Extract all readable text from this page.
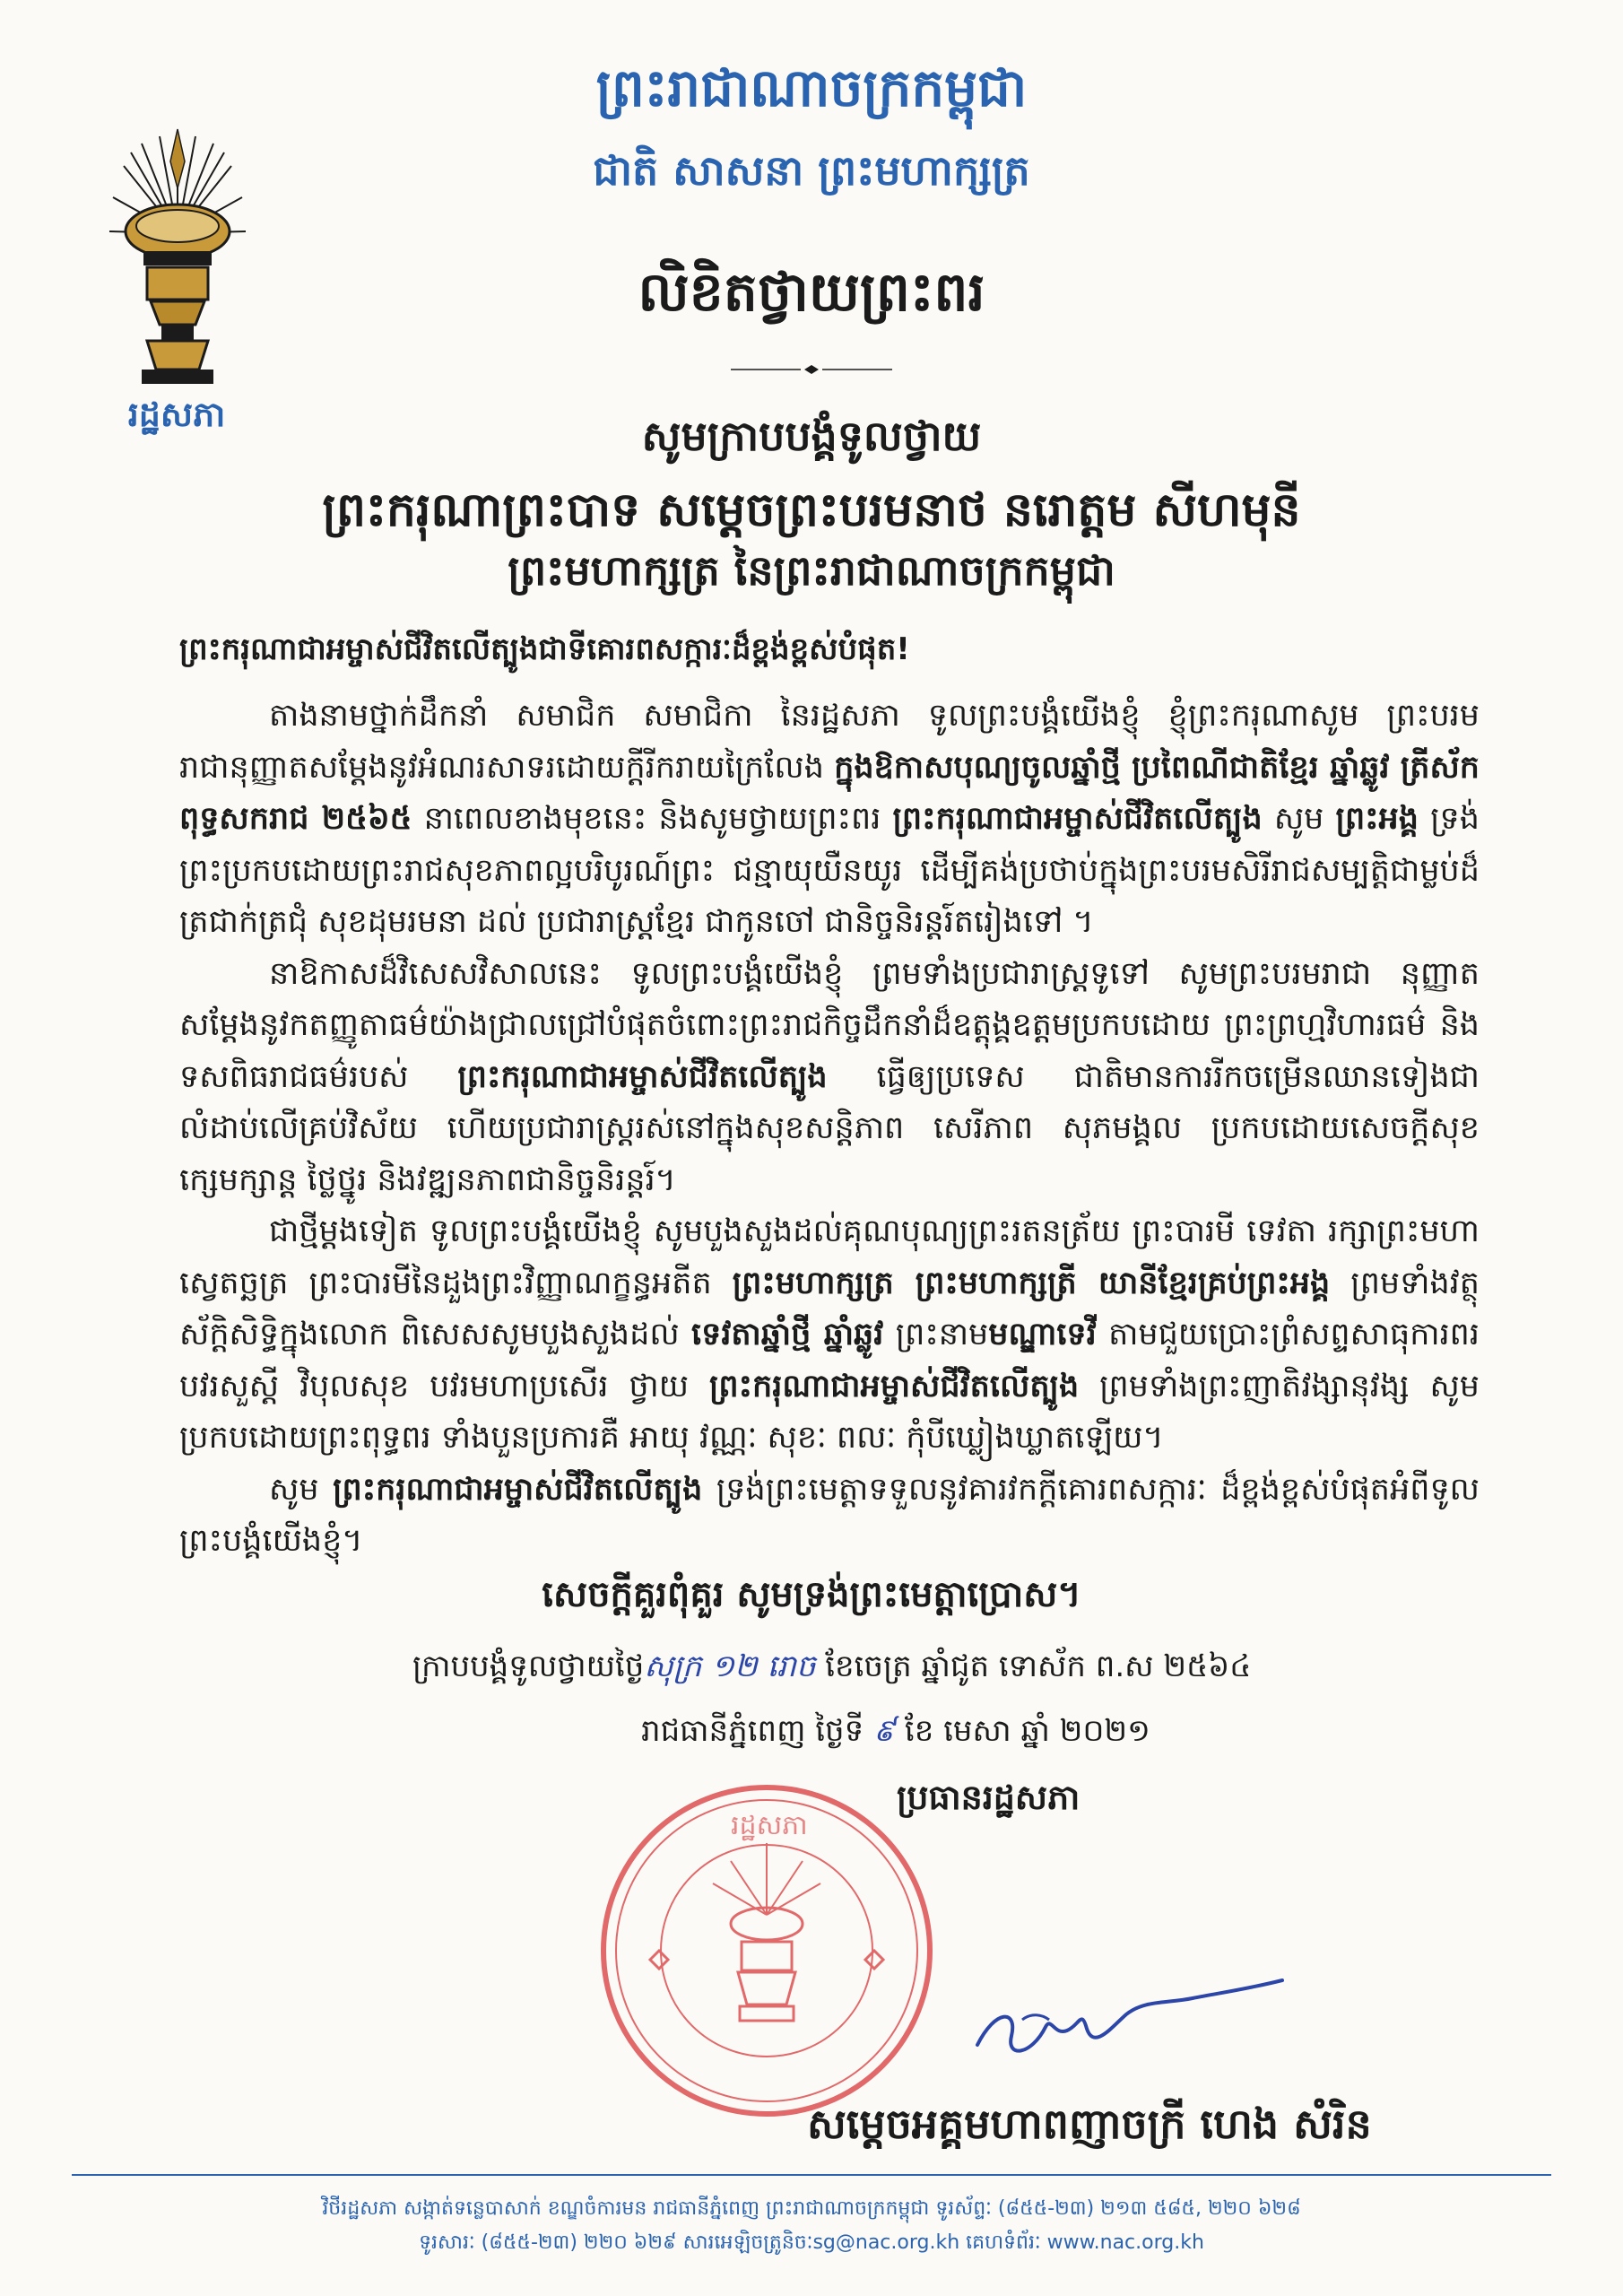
រដ្ឋសភា
ព្រះរាជាណាចក្រកម្ពុជា
ជាតិ សាសនា ព្រះមហាក្សត្រ
លិខិតថ្វាយព្រះពរ
សូមក្រាបបង្គំទូលថ្វាយ
ព្រះករុណាព្រះបាទ សម្តេចព្រះបរមនាថ នរោត្តម សីហមុនី
ព្រះមហាក្សត្រ នៃព្រះរាជាណាចក្រកម្ពុជា
ព្រះករុណាជាអម្ចាស់ជីវិតលើត្បូងជាទីគោរពសក្ការៈដ៏ខ្ពង់ខ្ពស់បំផុត!

តាងនាមថ្នាក់ដឹកនាំ សមាជិក សមាជិកា នៃរដ្ឋសភា ទូលព្រះបង្គំយើងខ្ញុំ ខ្ញុំព្រះករុណាសូម ព្រះបរមរាជានុញ្ញាតសម្តែងនូវអំណរសាទរដោយក្តីរីករាយក្រៃលែង ក្នុងឱកាសបុណ្យចូលឆ្នាំថ្មី ប្រពៃណីជាតិខ្មែរ ឆ្នាំឆ្លូវ ត្រីស័ក ពុទ្ធសករាជ ២៥៦៥ នាពេលខាងមុខនេះ និងសូមថ្វាយព្រះពរ ព្រះករុណាជាអម្ចាស់ជីវិតលើត្បូង សូម ព្រះអង្គ ទ្រង់ព្រះប្រកបដោយព្រះរាជសុខភាពល្អបរិបូរណ៍ព្រះ ជន្មាយុយឺនយូរ ដើម្បីគង់ប្រថាប់ក្នុងព្រះបរមសិរីរាជសម្បត្តិជាម្លប់ដ៏ត្រជាក់ត្រជុំ សុខដុមរមនា ដល់ ប្រជារាស្ត្រខ្មែរ ជាកូនចៅ ជានិច្ចនិរន្តរ៍តរៀងទៅ ។

នាឱកាសដ៏វិសេសវិសាលនេះ ទូលព្រះបង្គំយើងខ្ញុំ ព្រមទាំងប្រជារាស្ត្រទូទៅ សូមព្រះបរមរាជា នុញ្ញាតសម្តែងនូវកតញ្ញូតាធម៌យ៉ាងជ្រាលជ្រៅបំផុតចំពោះព្រះរាជកិច្ចដឹកនាំដ៏ឧត្តុង្គឧត្តមប្រកបដោយ ព្រះព្រហ្មវិហារធម៌ និងទសពិធរាជធម៌របស់ ព្រះករុណាជាអម្ចាស់ជីវិតលើត្បូង ធ្វើឲ្យប្រទេស ជាតិមានការរីកចម្រើនឈានទៀងជាលំដាប់លើគ្រប់វិស័យ ហើយប្រជារាស្ត្ររស់នៅក្នុងសុខសន្តិភាព សេរីភាព សុភមង្គល ប្រកបដោយសេចក្តីសុខក្សេមក្សាន្ត ថ្លៃថ្នូរ និងវឌ្ឍនភាពជានិច្ចនិរន្តរ៍។

ជាថ្មីម្តងទៀត ទូលព្រះបង្គំយើងខ្ញុំ សូមបួងសួងដល់គុណបុណ្យព្រះរតនត្រ័យ ព្រះបារមី ទេវតា រក្សាព្រះមហាស្វេតច្ឆត្រ ព្រះបារមីនៃដួងព្រះវិញ្ញាណក្ខន្ធអតីត ព្រះមហាក្សត្រ ព្រះមហាក្សត្រី យានីខ្មែរគ្រប់ព្រះអង្គ ព្រមទាំងវត្ថុស័ក្តិសិទ្ធិក្នុងលោក ពិសេសសូមបួងសួងដល់ ទេវតាឆ្នាំថ្មី ឆ្នាំឆ្លូវ ព្រះនាមមណ្ឌាទេវី តាមជួយប្រោះព្រំសព្ទសាធុការពរ បវរសួស្តី វិបុលសុខ បវរមហាប្រសើរ ថ្វាយ ព្រះករុណាជាអម្ចាស់ជីវិតលើត្បូង ព្រមទាំងព្រះញាតិវង្សានុវង្ស សូមប្រកបដោយព្រះពុទ្ធពរ ទាំងបួនប្រការគឺ អាយុ វណ្ណៈ សុខៈ ពលៈ កុំបីឃ្លៀងឃ្លាតឡើយ។

សូម ព្រះករុណាជាអម្ចាស់ជីវិតលើត្បូង ទ្រង់ព្រះមេត្តាទទួលនូវគារវកក្តីគោរពសក្ការៈ ដ៏ខ្ពង់ខ្ពស់បំផុតអំពីទូលព្រះបង្គំយើងខ្ញុំ។

សេចក្តីគួរពុំគួរ សូមទ្រង់ព្រះមេត្តាប្រោស។
ក្រាបបង្គំទូលថ្វាយថ្ងៃសុក្រ ១២ រោច ខែចេត្រ ឆ្នាំជូត ទោស័ក ព.ស ២៥៦៤
រាជធានីភ្នំពេញ ថ្ងៃទី ៩ ខែ មេសា ឆ្នាំ ២០២១
រដ្ឋសភា
ប្រធានរដ្ឋសភា
សម្តេចអគ្គមហាពញាចក្រី ហេង សំរិន
វិថីរដ្ឋសភា សង្កាត់ទន្លេបាសាក់ ខណ្ឌចំការមន រាជធានីភ្នំពេញ ព្រះរាជាណាចក្រកម្ពុជា ទូរស័ព្ទៈ (៨៥៥-២៣) ២១៣ ៥៨៥, ២២០ ៦២៨
ទូរសារៈ (៨៥៥-២៣) ២២០ ៦២៩ សារអេឡិចត្រូនិចៈsg@nac.org.kh គេហទំព័រៈ www.nac.org.kh
